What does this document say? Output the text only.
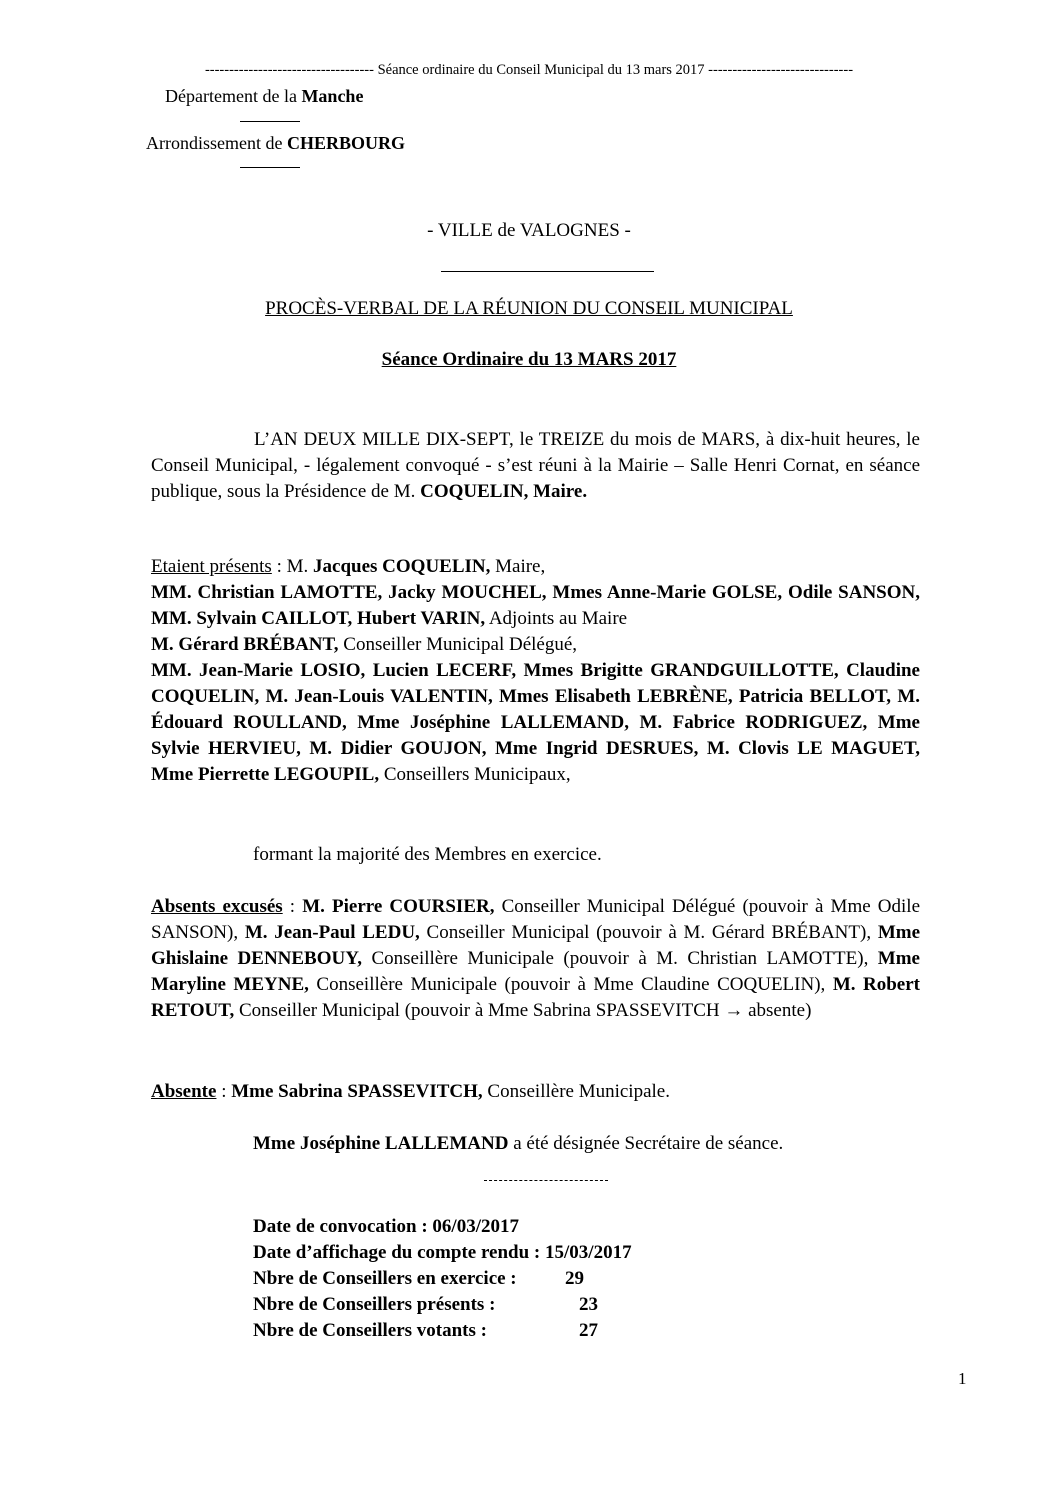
----------------------------------- Séance ordinaire du Conseil Municipal du 13 mars 2017 ------------------------------
Département de la Manche
Arrondissement de CHERBOURG
- VILLE de VALOGNES -
PROCÈS-VERBAL DE LA RÉUNION DU CONSEIL MUNICIPAL
Séance Ordinaire du 13 MARS 2017
L’AN DEUX MILLE DIX-SEPT, le TREIZE du mois de MARS, à dix-huit heures, le Conseil Municipal, - légalement convoqué - s’est réuni à la Mairie – Salle Henri Cornat, en séance publique, sous la Présidence de M. COQUELIN, Maire.
Etaient présents : M. Jacques COQUELIN, Maire,
MM. Christian LAMOTTE, Jacky MOUCHEL, Mmes Anne-Marie GOLSE, Odile SANSON, MM. Sylvain CAILLOT, Hubert VARIN, Adjoints au Maire
M. Gérard BRÉBANT, Conseiller Municipal Délégué,
MM. Jean-Marie LOSIO, Lucien LECERF, Mmes Brigitte GRANDGUILLOTTE, Claudine COQUELIN, M. Jean-Louis VALENTIN, Mmes Elisabeth LEBRÈNE, Patricia BELLOT, M. Édouard ROULLAND, Mme Joséphine LALLEMAND, M. Fabrice RODRIGUEZ, Mme Sylvie HERVIEU, M. Didier GOUJON, Mme Ingrid DESRUES, M. Clovis LE MAGUET, Mme Pierrette LEGOUPIL, Conseillers Municipaux,
formant la majorité des Membres en exercice.
Absents excusés : M. Pierre COURSIER, Conseiller Municipal Délégué (pouvoir à Mme Odile SANSON), M. Jean-Paul LEDU, Conseiller Municipal (pouvoir à M. Gérard BRÉBANT), Mme Ghislaine DENNEBOUY, Conseillère Municipale (pouvoir à M. Christian LAMOTTE), Mme Maryline MEYNE, Conseillère Municipale (pouvoir à Mme Claudine COQUELIN), M. Robert RETOUT, Conseiller Municipal (pouvoir à Mme Sabrina SPASSEVITCH → absente)
Absente : Mme Sabrina SPASSEVITCH, Conseillère Municipale.
Mme Joséphine LALLEMAND a été désignée Secrétaire de séance.
Date de convocation : 06/03/2017
Date d’affichage du compte rendu : 15/03/2017
Nbre de Conseillers en exercice :	29
Nbre de Conseillers présents :	23
Nbre de Conseillers votants :	27
1
